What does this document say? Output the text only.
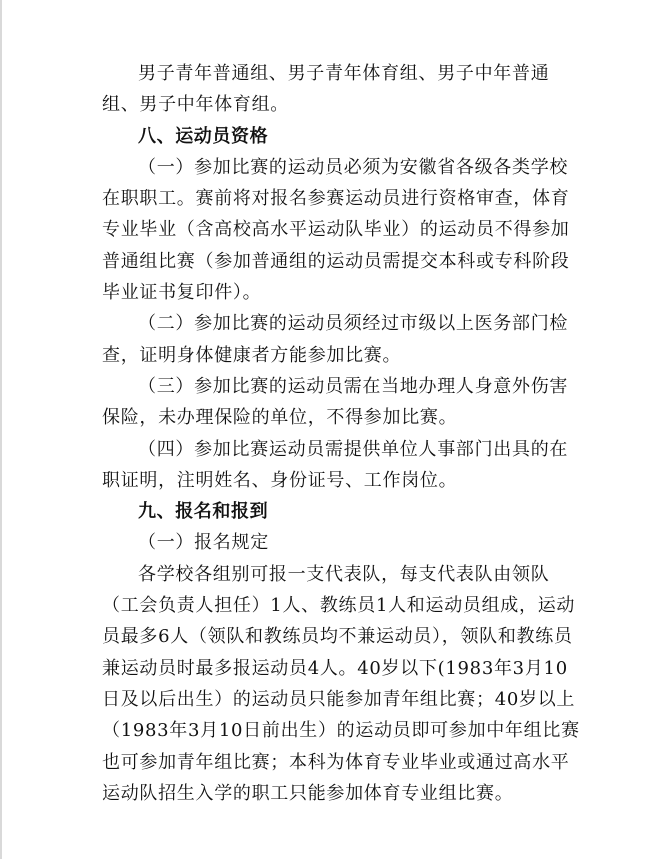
男子青年普通组、男子青年体育组、男子中年普通组、男子中年体育组。

八、运动员资格

（一）参加比赛的运动员必须为安徽省各级各类学校在职职工。赛前将对报名参赛运动员进行资格审查，体育专业毕业（含高校高水平运动队毕业）的运动员不得参加普通组比赛（参加普通组的运动员需提交本科或专科阶段毕业证书复印件）。

（二）参加比赛的运动员须经过市级以上医务部门检查，证明身体健康者方能参加比赛。

（三）参加比赛的运动员需在当地办理人身意外伤害保险，未办理保险的单位，不得参加比赛。

（四）参加比赛运动员需提供单位人事部门出具的在职证明，注明姓名、身份证号、工作岗位。

九、报名和报到

（一）报名规定

各学校各组别可报一支代表队，每支代表队由领队（工会负责人担任）1人、教练员1人和运动员组成，运动员最多6人（领队和教练员均不兼运动员），领队和教练员兼运动员时最多报运动员4人。40岁以下(1983年3月10日及以后出生）的运动员只能参加青年组比赛；40岁以上（1983年3月10日前出生）的运动员即可参加中年组比赛也可参加青年组比赛；本科为体育专业毕业或通过高水平运动队招生入学的职工只能参加体育专业组比赛。
